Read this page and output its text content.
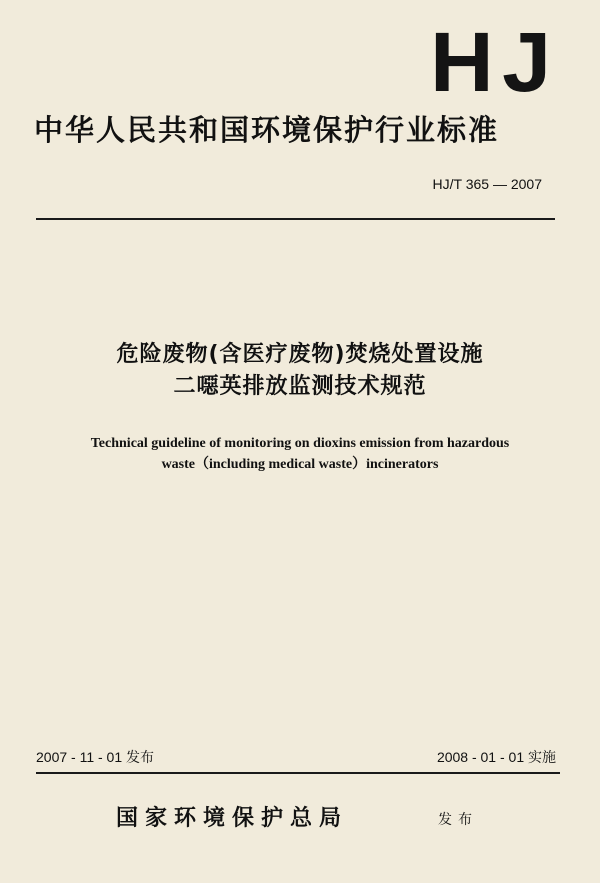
HJ
中华人民共和国环境保护行业标准
HJ/T 365 — 2007
危险废物(含医疗废物)焚烧处置设施
二噁英排放监测技术规范
Technical guideline of monitoring on dioxins emission from hazardous
waste（including medical waste）incinerators
2007 - 11 - 01 发布	2008 - 01 - 01 实施
国家环境保护总局	发布
